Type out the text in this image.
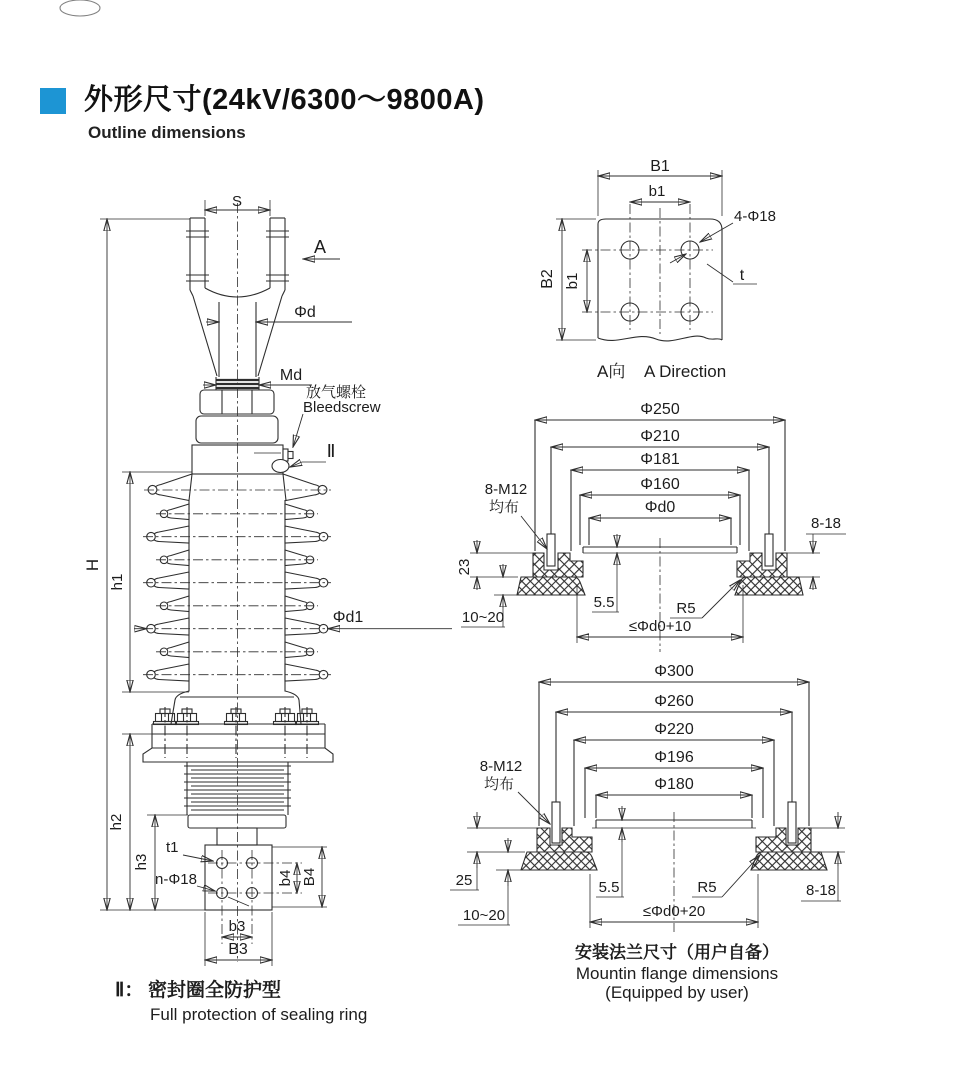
外形尺寸(24kV/6300～9800A)
Outline dimensions
S
A
Φd
Md
放气螺栓
Bleedscrew
Ⅱ
H
h1
h2
h3
Φd1
t1
n-Φ18	b4 B4
b3
B3
B1
b1
B2 b1
4-Φ18
t
A向 A Direction
Φ250
Φ210
Φ181
Φ160
Φd0
8-M12
均布
23
10~20
5.5	R5
8-18
≤Φd0+10
Φ300
Φ260
Φ220
Φ196
Φ180
8-M12
均布
25
10~20
5.5	R5	8-18
≤Φd0+20
安装法兰尺寸（用户自备）
Mountin flange dimensions
(Equipped by user)
Ⅱ： 密封圈全防护型
Full protection of sealing ring
